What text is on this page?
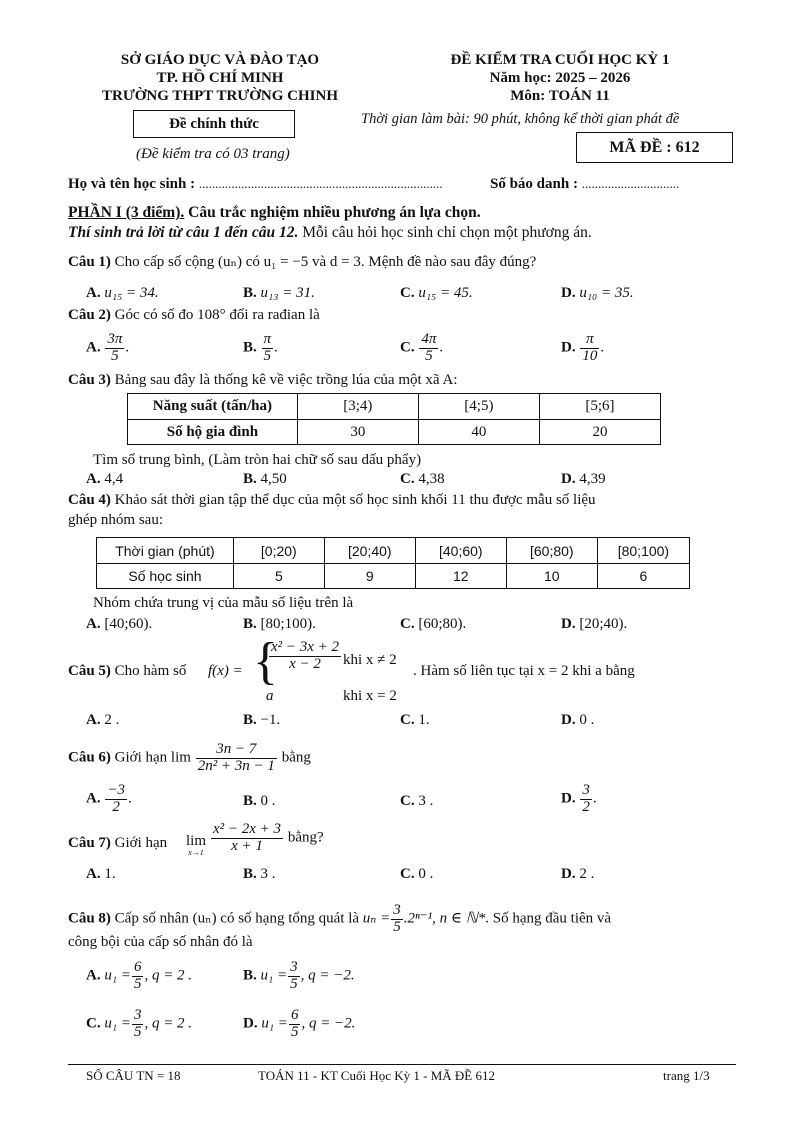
SỞ GIÁO DỤC VÀ ĐÀO TẠO
TP. HỒ CHÍ MINH
TRƯỜNG THPT TRƯỜNG CHINH
Đề chính thức
(Đề kiểm tra có 03 trang)
ĐỀ KIỂM TRA CUỐI HỌC KỲ 1
Năm học: 2025 – 2026
Môn: TOÁN 11
Thời gian làm bài: 90 phút, không kể thời gian phát đề
MÃ ĐỀ : 612
Họ và tên học sinh : ...........................................................................	Số báo danh : ..............................
PHẦN I (3 điểm). Câu trắc nghiệm nhiều phương án lựa chọn.
Thí sinh trả lời từ câu 1 đến câu 12. Mỗi câu hỏi học sinh chỉ chọn một phương án.
Câu 1) Cho cấp số cộng (uₙ) có u₁ = −5 và d = 3. Mệnh đề nào sau đây đúng?
A. u₁₅ = 34.	B. u₁₃ = 31.	C. u₁₅ = 45.	D. u₁₀ = 35.
Câu 2) Góc có số đo 108° đổi ra rađian là
A. $\frac{3\pi}{5}$ .	B. $\frac{\pi}{5}$ .	C. $\frac{4\pi}{5}$ .	D. $\frac{\pi}{10}$ .
Câu 3) Bảng sau đây là thống kê về việc trồng lúa của một xã A:
Năng suất (tấn/ha)	[3;4)	[4;5)	[5;6]
Số hộ gia đình	30	40	20
Tìm số trung bình, (Làm tròn hai chữ số sau dấu phẩy)
A. 4,4	B. 4,50	C. 4,38	D. 4,39
Câu 4) Khảo sát thời gian tập thể dục của một số học sinh khối 11 thu được mẫu số liệu
ghép nhóm sau:
Thời gian (phút)	[0;20)	[20;40)	[40;60)	[60;80)	[80;100)
Số học sinh	5	9	12	10	6
Nhóm chứa trung vị của mẫu số liệu trên là
A. [40;60).	B. [80;100).	C. [60;80).	D. [20;40).
Câu 5) Cho hàm số f(x) = {
$\frac{\text{x² − 3x + 2}}{x - 2}$ khi x ≠ 2
a	khi x = 2
. Hàm số liên tục tại x = 2 khi a bằng
A. 2 .	B. −1.	C. 1.	D. 0 .
Câu 6) Giới hạn $\lim \frac{3n - 7}{\text{2n² + 3n − 1}}$ bằng
A. $\frac{-3}{2}$ .	B. 0 .	C. 3 .	D. $\frac{3}{2}$ .
Câu 7) Giới hạn lim
$x\to 1 \frac{\text{x² − 2x + 3}}{x + 1}$ bằng?
A. 1.	B. 3 .	C. 0 .	D. 2 .
Câu 8) Cấp số nhân (uₙ) có số hạng tổng quát là $u_n = \frac{3}{5} .2^{n-1}$, n ∈ ℕ*. Số hạng đầu tiên và
công bội của cấp số nhân đó là
A. $u_1 = \frac{6}{5}$ , q = 2 .	B. $u_1 = \frac{3}{5}$ , q = −2.
C. $u_1 = \frac{3}{5}$ , q = 2 .	D. $u_1 = \frac{6}{5}$ , q = −2.
SỐ CÂU TN = 18	TOÁN 11 - KT Cuối Học Kỳ 1 - MÃ ĐỀ 612	trang 1/3
